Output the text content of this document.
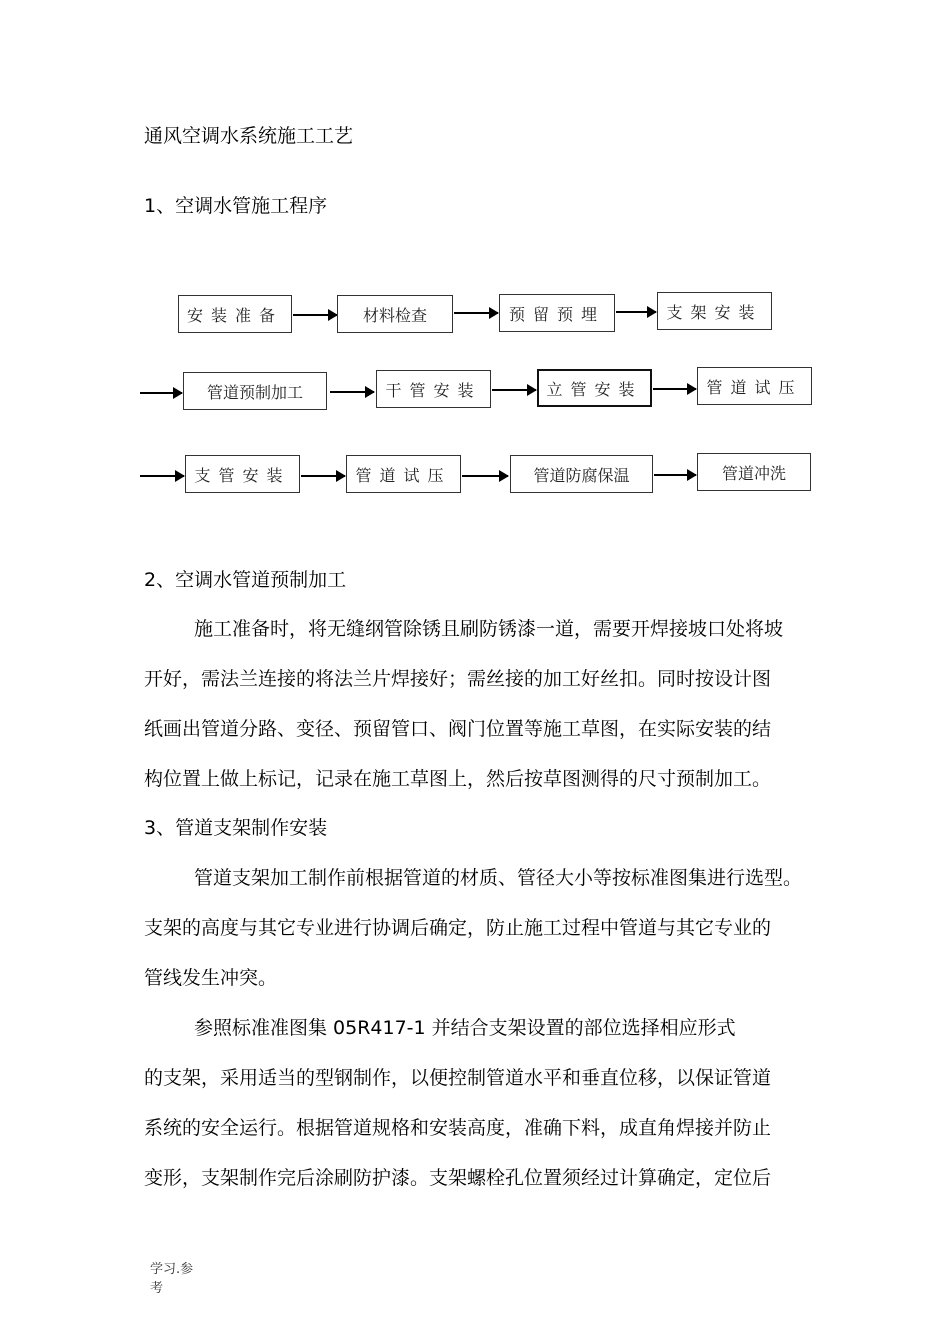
通风空调水系统施工工艺
1、空调水管施工程序
安装准备	材料检查	预留预埋	支架安装
管道预制加工	干管安装	立管安装	管道试压
支管安装	管道试压	管道防腐保温	管道冲洗
2、空调水管道预制加工
施工准备时，将无缝纲管除锈且刷防锈漆一道，需要开焊接坡口处将坡
开好，需法兰连接的将法兰片焊接好；需丝接的加工好丝扣。同时按设计图
纸画出管道分路、变径、预留管口、阀门位置等施工草图，在实际安装的结
构位置上做上标记，记录在施工草图上，然后按草图测得的尺寸预制加工。
3、管道支架制作安装
管道支架加工制作前根据管道的材质、管径大小等按标准图集进行选型。
支架的高度与其它专业进行协调后确定，防止施工过程中管道与其它专业的
管线发生冲突。
参照标准准图集 05R417-1 并结合支架设置的部位选择相应形式
的支架，采用适当的型钢制作，以便控制管道水平和垂直位移，以保证管道
系统的安全运行。根据管道规格和安装高度，准确下料，成直角焊接并防止
变形，支架制作完后涂刷防护漆。支架螺栓孔位置须经过计算确定，定位后
学习.参
考
